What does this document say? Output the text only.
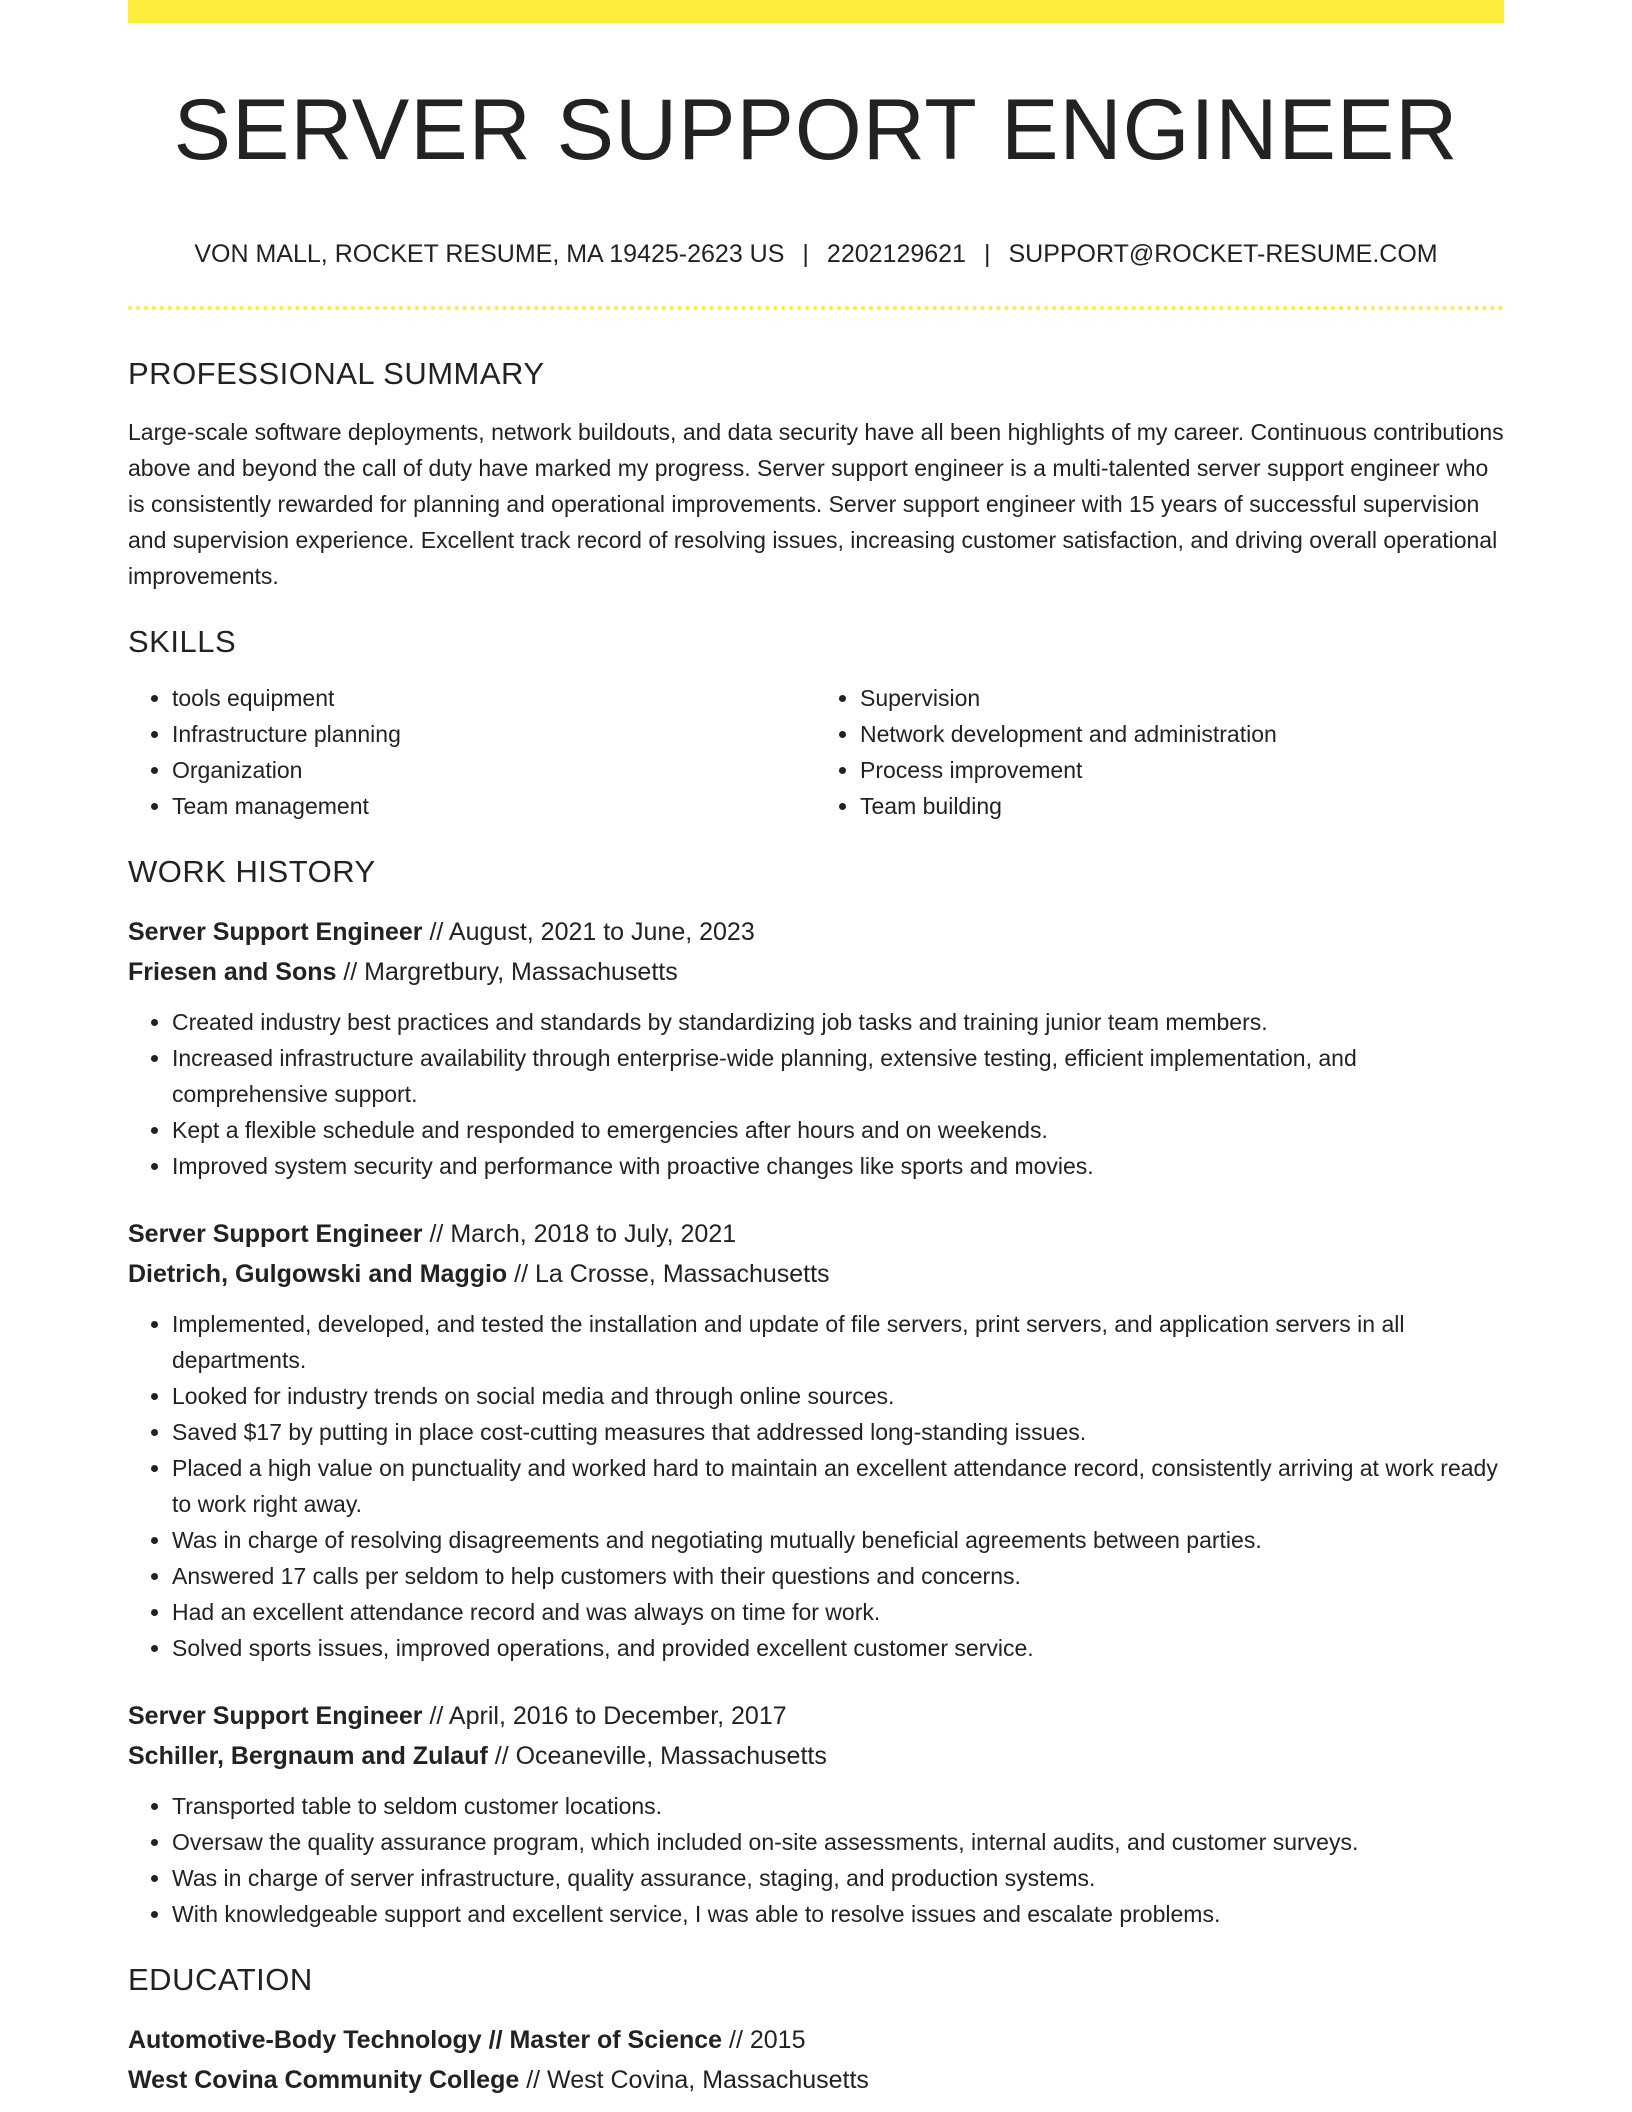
SERVER SUPPORT ENGINEER
VON MALL, ROCKET RESUME, MA 19425-2623 US | 2202129621 | SUPPORT@ROCKET-RESUME.COM
PROFESSIONAL SUMMARY

Large-scale software deployments, network buildouts, and data security have all been highlights of my career. Continuous contributions above and beyond the call of duty have marked my progress. Server support engineer is a multi-talented server support engineer who is consistently rewarded for planning and operational improvements. Server support engineer with 15 years of successful supervision and supervision experience. Excellent track record of resolving issues, increasing customer satisfaction, and driving overall operational improvements.

SKILLS
• tools equipment
• Infrastructure planning
• Organization
• Team management
• Supervision
• Network development and administration
• Process improvement
• Team building
WORK HISTORY
Server Support Engineer // August, 2021 to June, 2023
Friesen and Sons // Margretbury, Massachusetts
• Created industry best practices and standards by standardizing job tasks and training junior team members.
• Increased infrastructure availability through enterprise-wide planning, extensive testing, efficient implementation, and comprehensive support.
• Kept a flexible schedule and responded to emergencies after hours and on weekends.
• Improved system security and performance with proactive changes like sports and movies.
Server Support Engineer // March, 2018 to July, 2021
Dietrich, Gulgowski and Maggio // La Crosse, Massachusetts
• Implemented, developed, and tested the installation and update of file servers, print servers, and application servers in all departments.
• Looked for industry trends on social media and through online sources.
• Saved $17 by putting in place cost-cutting measures that addressed long-standing issues.
• Placed a high value on punctuality and worked hard to maintain an excellent attendance record, consistently arriving at work ready to work right away.
• Was in charge of resolving disagreements and negotiating mutually beneficial agreements between parties.
• Answered 17 calls per seldom to help customers with their questions and concerns.
• Had an excellent attendance record and was always on time for work.
• Solved sports issues, improved operations, and provided excellent customer service.
Server Support Engineer // April, 2016 to December, 2017
Schiller, Bergnaum and Zulauf // Oceaneville, Massachusetts
• Transported table to seldom customer locations.
• Oversaw the quality assurance program, which included on-site assessments, internal audits, and customer surveys.
• Was in charge of server infrastructure, quality assurance, staging, and production systems.
• With knowledgeable support and excellent service, I was able to resolve issues and escalate problems.
EDUCATION
Automotive-Body Technology // Master of Science // 2015
West Covina Community College // West Covina, Massachusetts
